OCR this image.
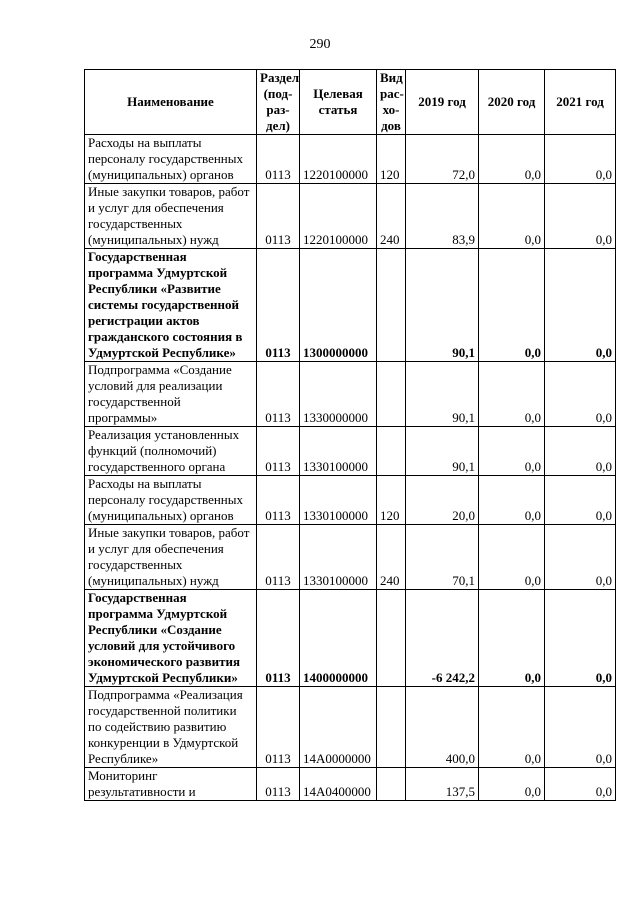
290
Наименование	Раздел (под-раз-дел)	Целевая статья	Вид рас-хо-дов	2019 год	2020 год	2021 год
Расходы на выплаты персоналу государственных (муниципальных) органов	0113	1220100000	120	72,0	0,0	0,0
Иные закупки товаров, работ и услуг для обеспечения государственных (муниципальных) нужд	0113	1220100000	240	83,9	0,0	0,0
Государственная программа Удмуртской Республики «Развитие системы государственной регистрации актов гражданского состояния в Удмуртской Республике»	0113	1300000000		90,1	0,0	0,0
Подпрограмма «Создание условий для реализации государственной программы»	0113	1330000000		90,1	0,0	0,0
Реализация установленных функций (полномочий) государственного органа	0113	1330100000		90,1	0,0	0,0
Расходы на выплаты персоналу государственных (муниципальных) органов	0113	1330100000	120	20,0	0,0	0,0
Иные закупки товаров, работ и услуг для обеспечения государственных (муниципальных) нужд	0113	1330100000	240	70,1	0,0	0,0
Государственная программа Удмуртской Республики «Создание условий для устойчивого экономического развития Удмуртской Республики»	0113	1400000000		-6 242,2	0,0	0,0
Подпрограмма «Реализация государственной политики по содействию развитию конкуренции в Удмуртской Республике»	0113	14А0000000		400,0	0,0	0,0
Мониторинг результативности и	0113	14А0400000		137,5	0,0	0,0
